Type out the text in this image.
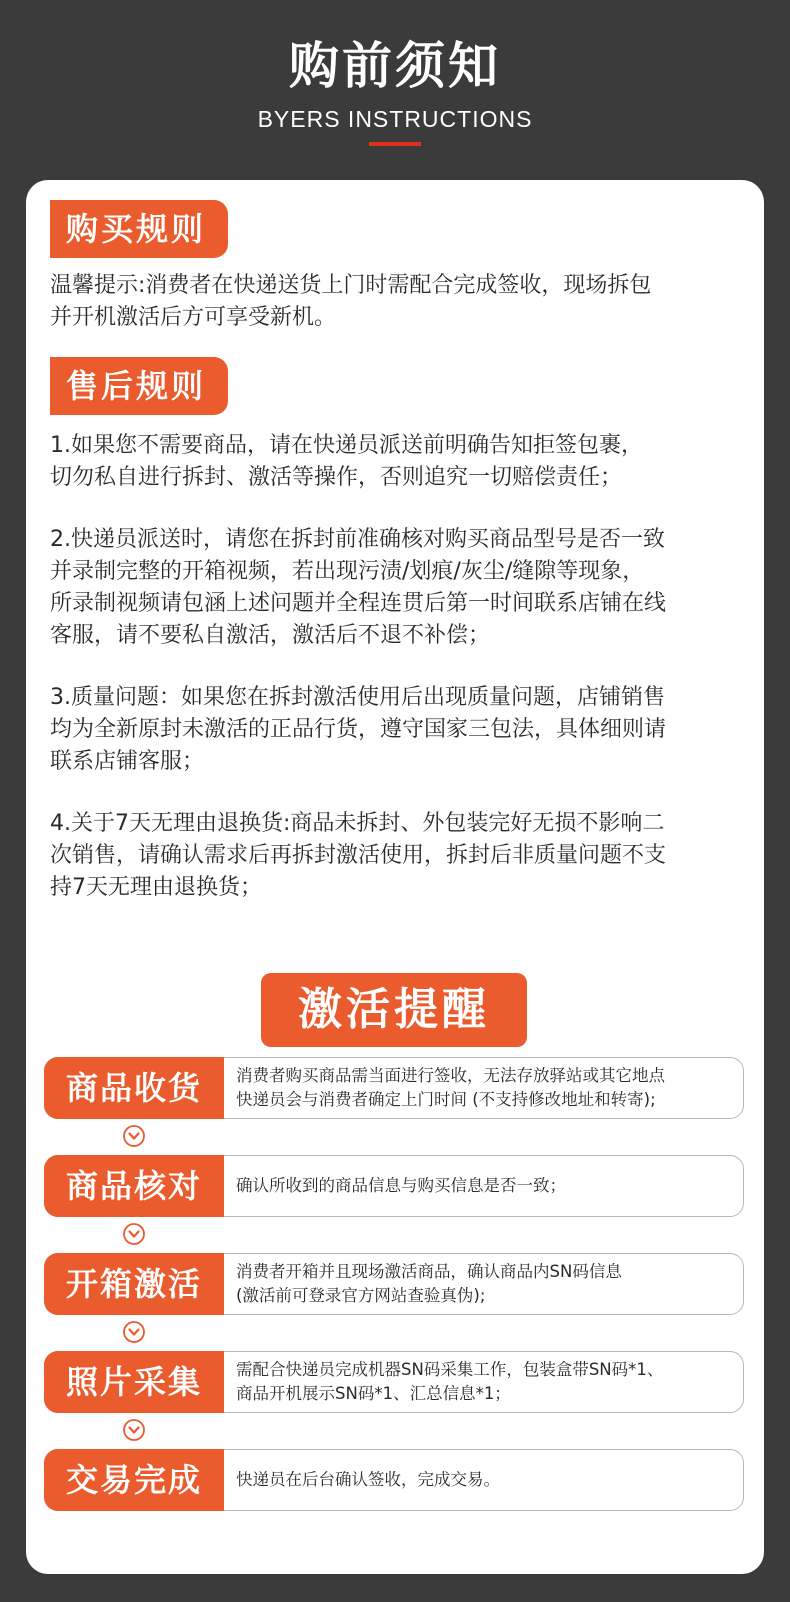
购前须知
BYERS INSTRUCTIONS
购买规则
温馨提示:消费者在快递送货上门时需配合完成签收，现场拆包
并开机激活后方可享受新机。
售后规则
1.如果您不需要商品，请在快递员派送前明确告知拒签包裹，
切勿私自进行拆封、激活等操作，否则追究一切赔偿责任；
2.快递员派送时，请您在拆封前准确核对购买商品型号是否一致
并录制完整的开箱视频，若出现污渍/划痕/灰尘/缝隙等现象，
所录制视频请包涵上述问题并全程连贯后第一时间联系店铺在线
客服，请不要私自激活，激活后不退不补偿；
3.质量问题：如果您在拆封激活使用后出现质量问题，店铺销售
均为全新原封未激活的正品行货，遵守国家三包法，具体细则请
联系店铺客服；
4.关于7天无理由退换货:商品未拆封、外包装完好无损不影响二
次销售，请确认需求后再拆封激活使用，拆封后非质量问题不支
持7天无理由退换货；
激活提醒
商品收货	消费者购买商品需当面进行签收，无法存放驿站或其它地点
快递员会与消费者确定上门时间 (不支持修改地址和转寄);
商品核对	确认所收到的商品信息与购买信息是否一致；
开箱激活	消费者开箱并且现场激活商品，确认商品内SN码信息
(激活前可登录官方网站查验真伪);
照片采集	需配合快递员完成机器SN码采集工作，包装盒带SN码*1、
商品开机展示SN码*1、汇总信息*1；
交易完成	快递员在后台确认签收，完成交易。
